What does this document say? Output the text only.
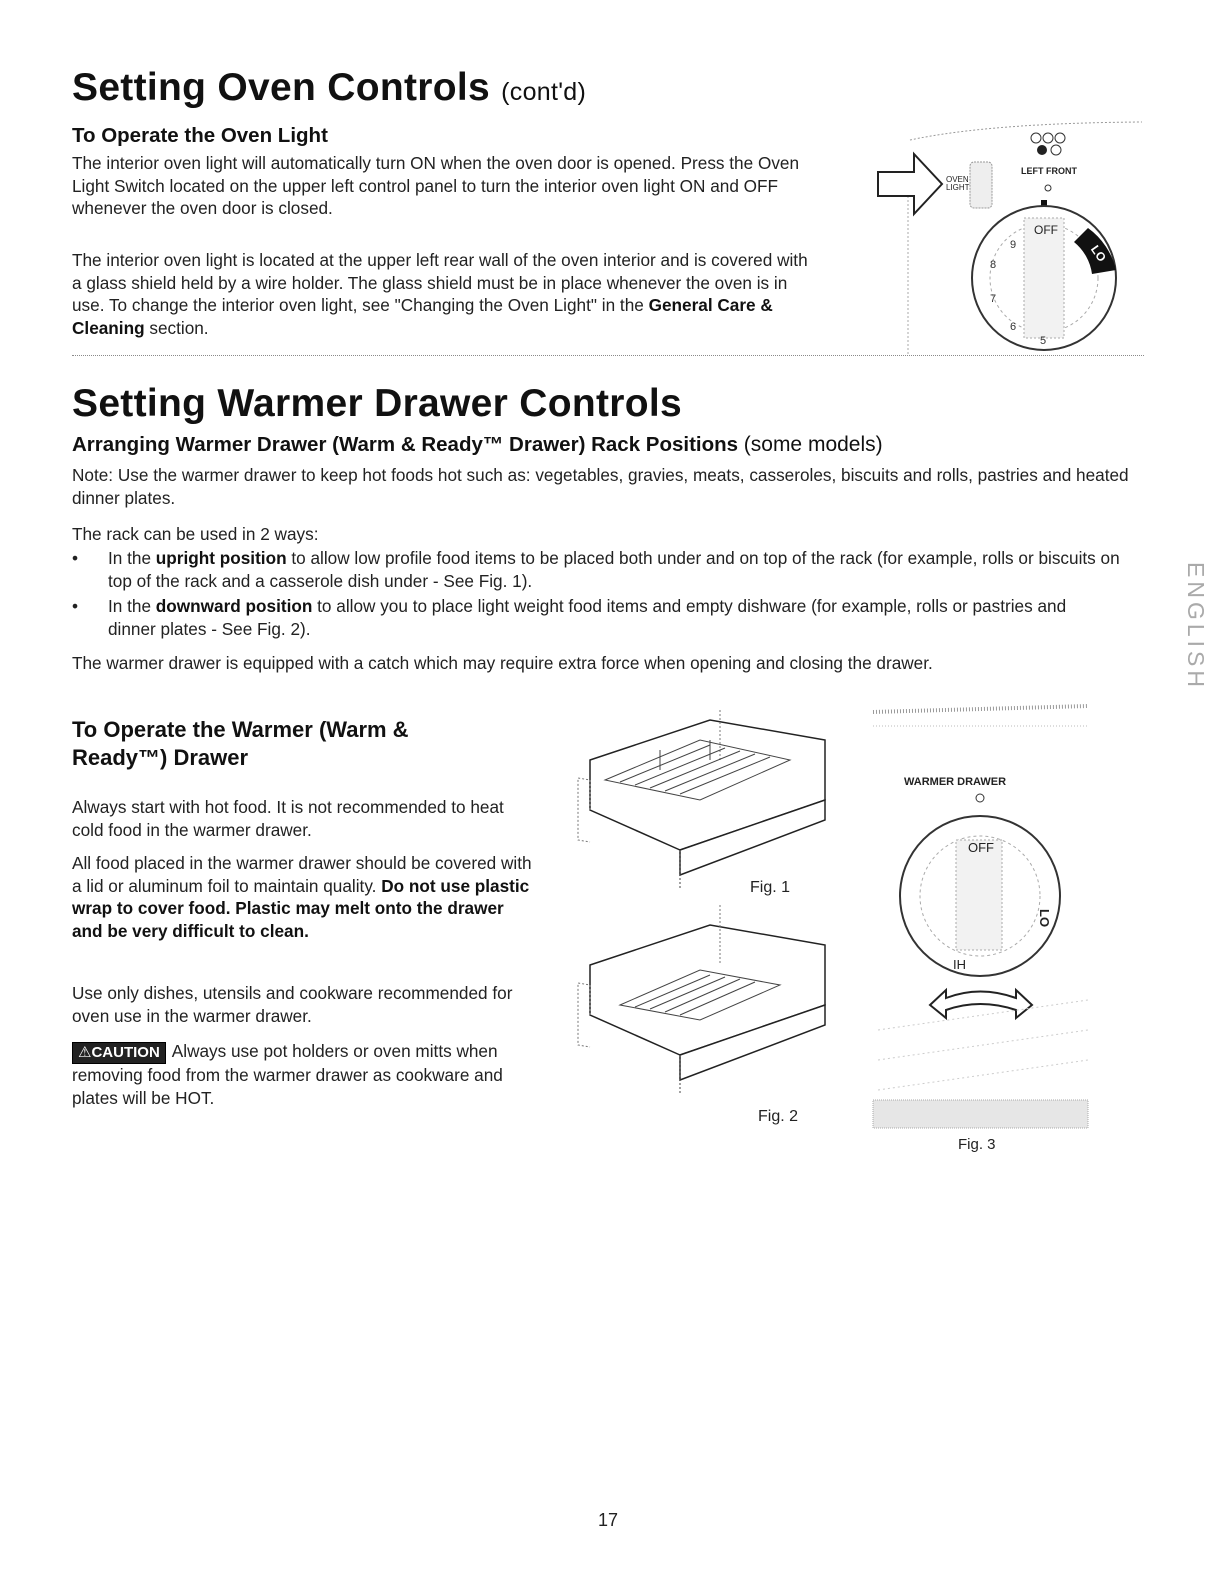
Setting Oven Controls (cont'd)
To Operate the Oven Light
The interior oven light will automatically turn ON when the oven door is opened. Press the Oven Light Switch located on the upper left control panel to turn the interior oven light ON and OFF whenever the oven door is closed.
The interior oven light is located at the upper left rear wall of the oven interior and is covered with a glass shield held by a wire holder. The glass shield must be in place whenever the oven is in use. To change the interior oven light, see "Changing the Oven Light" in the General Care & Cleaning section.
OVEN
LIGHT
LEFT FRONT
OFF
LO
9
8
7
6
5
Setting Warmer Drawer Controls
Arranging Warmer Drawer (Warm & Ready™ Drawer) Rack Positions (some models)
Note: Use the warmer drawer to keep hot foods hot such as: vegetables, gravies, meats, casseroles, biscuits and rolls, pastries and heated dinner plates.
The rack can be used in 2 ways:
• In the upright position to allow low profile food items to be placed both under and on top of the rack (for example, rolls or biscuits on top of the rack and a casserole dish under - See Fig. 1).
• In the downward position to allow you to place light weight food items and empty dishware (for example, rolls or pastries and dinner plates - See Fig. 2).
The warmer drawer is equipped with a catch which may require extra force when opening and closing the drawer.	ENGLISH
To Operate the Warmer (Warm &
Ready™) Drawer
Always start with hot food. It is not recommended to heat cold food in the warmer drawer.
All food placed in the warmer drawer should be covered with a lid or aluminum foil to maintain quality. Do not use plastic wrap to cover food. Plastic may melt onto the drawer and be very difficult to clean.
Use only dishes, utensils and cookware recommended for oven use in the warmer drawer.
⚠CAUTION Always use pot holders or oven mitts when removing food from the warmer drawer as cookware and plates will be HOT.
Fig. 1
Fig. 2
WARMER DRAWER
OFF
LO
HI
Fig. 3
17
